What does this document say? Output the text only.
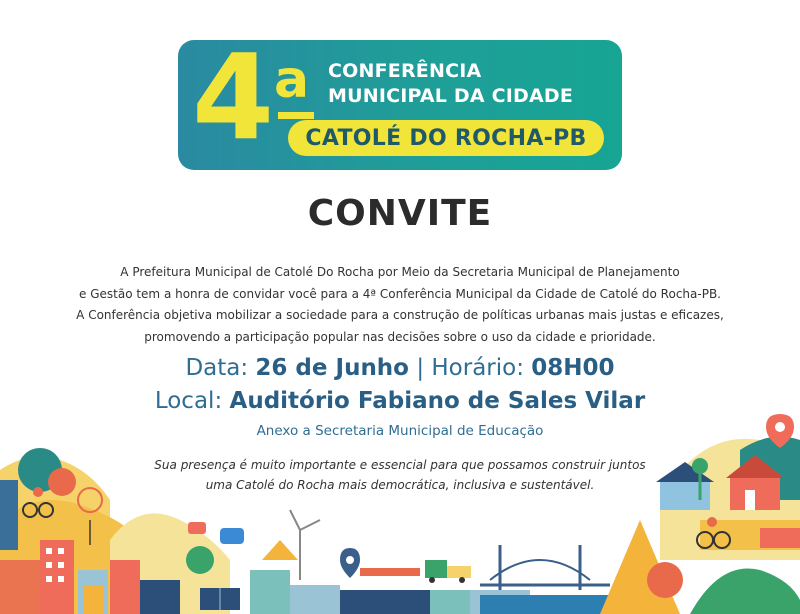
4 a CONFERÊNCIA
MUNICIPAL DA CIDADE
CATOLÉ DO ROCHA-PB
CONVITE
A Prefeitura Municipal de Catolé Do Rocha por Meio da Secretaria Municipal de Planejamento
e Gestão tem a honra de convidar você para a 4ª Conferência Municipal da Cidade de Catolé do Rocha-PB.
A Conferência objetiva mobilizar a sociedade para a construção de políticas urbanas mais justas e eficazes,
promovendo a participação popular nas decisões sobre o uso da cidade e prioridade.
Data: 26 de Junho | Horário: 08H00
Local: Auditório Fabiano de Sales Vilar
Anexo a Secretaria Municipal de Educação
Sua presença é muito importante e essencial para que possamos construir juntos
uma Catolé do Rocha mais democrática, inclusiva e sustentável.
